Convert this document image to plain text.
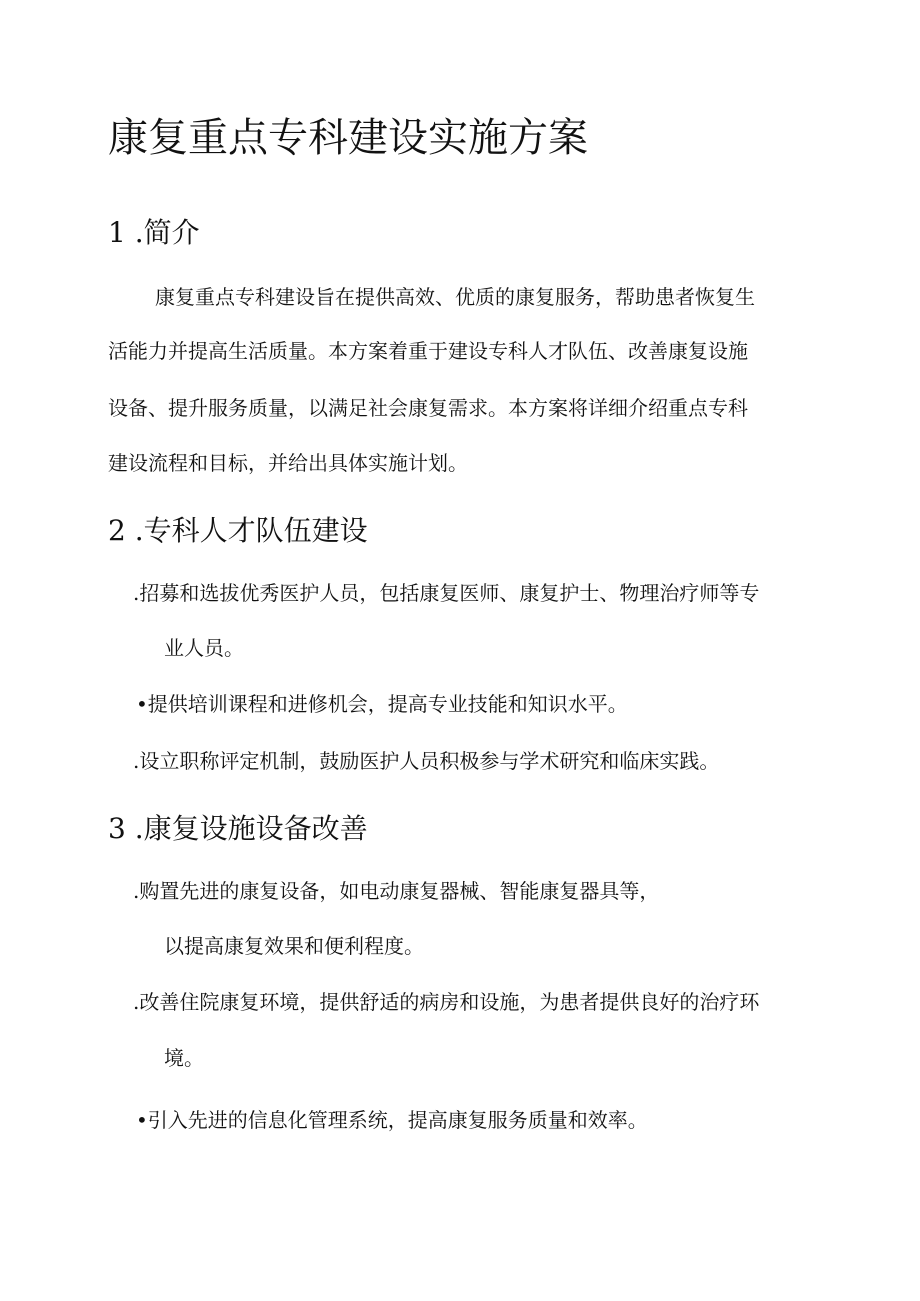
康复重点专科建设实施方案
1 .简介
康复重点专科建设旨在提供高效、优质的康复服务，帮助患者恢复生
活能力并提高生活质量。本方案着重于建设专科人才队伍、改善康复设施
设备、提升服务质量，以满足社会康复需求。本方案将详细介绍重点专科
建设流程和目标，并给出具体实施计划。
2 .专科人才队伍建设
.招募和选拔优秀医护人员，包括康复医师、康复护士、物理治疗师等专
业人员。
•提供培训课程和进修机会，提高专业技能和知识水平。
.设立职称评定机制，鼓励医护人员积极参与学术研究和临床实践。
3 .康复设施设备改善
.购置先进的康复设备，如电动康复器械、智能康复器具等，
以提高康复效果和便利程度。
.改善住院康复环境，提供舒适的病房和设施，为患者提供良好的治疗环
境。
•引入先进的信息化管理系统，提高康复服务质量和效率。
